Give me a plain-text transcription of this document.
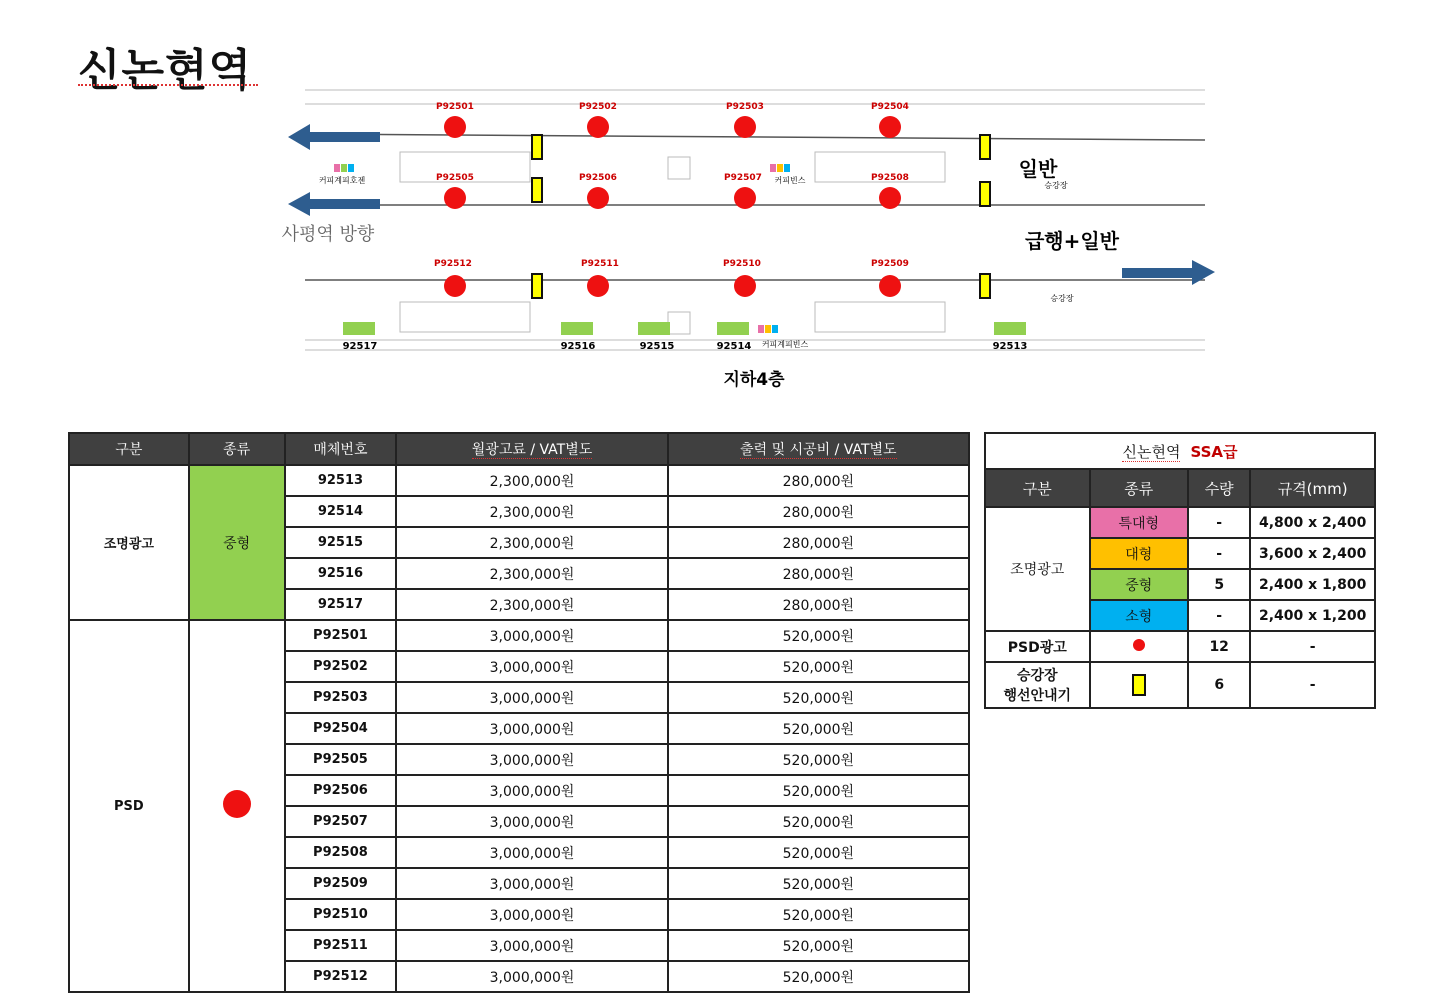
신논현역
P92501	P92502	P92503	P92504
P92505	P92506	P92507	P92508
P92512	P92511	P92510	P92509
92517	92516	92515	92514	92513
커피계피호젠	커피빈스
커피계피빈스
사평역 방향
일반
승강장
급행+일반
승강장
지하4층
구분	종류	매체번호	월광고료 / VAT별도	출력 및 시공비 / VAT별도
조명광고	중형	92513	2,300,000원	280,000원
		92514	2,300,000원	280,000원
		92515	2,300,000원	280,000원
		92516	2,300,000원	280,000원
		92517	2,300,000원	280,000원
PSD		P92501	3,000,000원	520,000원
		P92502	3,000,000원	520,000원
		P92503	3,000,000원	520,000원
		P92504	3,000,000원	520,000원
		P92505	3,000,000원	520,000원
		P92506	3,000,000원	520,000원
		P92507	3,000,000원	520,000원
		P92508	3,000,000원	520,000원
		P92509	3,000,000원	520,000원
		P92510	3,000,000원	520,000원
		P92511	3,000,000원	520,000원
		P92512	3,000,000원	520,000원
신논현역 SSA급			
구분	종류	수량	규격(mm)
조명광고	특대형	-	4,800 x 2,400
	대형	-	3,600 x 2,400
	중형	5	2,400 x 1,800
	소형	-	2,400 x 1,200
PSD광고		12	-

승강장
행선안내기		6	-
